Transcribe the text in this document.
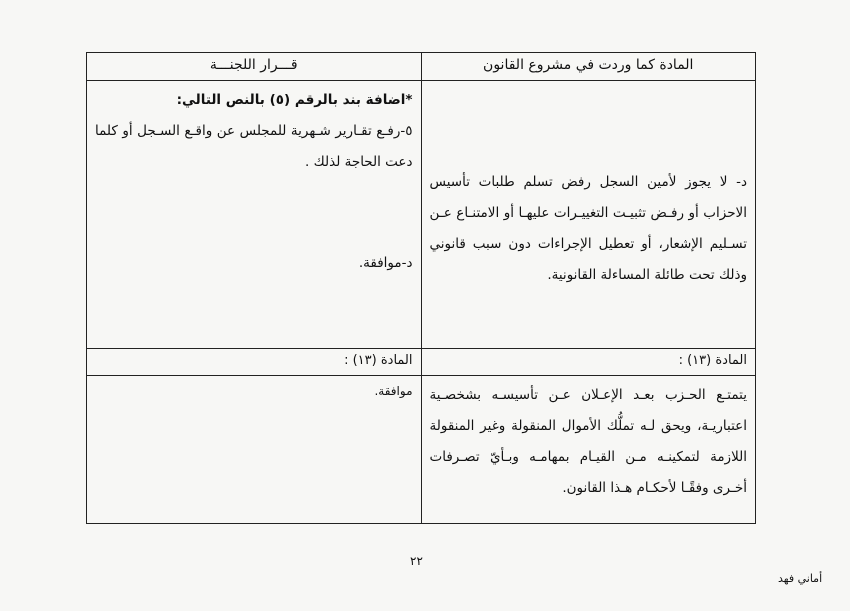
المادة كما وردت في مشروع القانون	قـــرار اللجنـــة

د- لا يجوز لأمين السجل رفض تسلم طلبات تأسيس الاحزاب أو رفـض تثبيـت التغييـرات عليهـا أو الامتنـاع عـن تسـليم الإشعار، أو تعطيل الإجراءات دون سبب قانوني وذلك تحت طائلة المساءلة القانونية.	*اضافة بند بالرقم (٥) بالنص التالي:
٥-رفـع تقـارير شـهرية للمجلس عن واقـع السـجل أو كلما دعت الحاجة لذلك .
د-موافقة.

المادة (١٣) :	المادة (١٣) :

يتمتـع الحـزب بعـد الإعـلان عـن تأسيسـه بشخصـية اعتباريـة، ويحق لـه تملُّك الأموال المنقولة وغير المنقولة اللازمة لتمكينـه مـن القيـام بمهامـه وبـأيّ تصـرفات أخـرى وفقًـا لأحكـام هـذا القانون.	موافقة.
٢٢
أماني فهد
